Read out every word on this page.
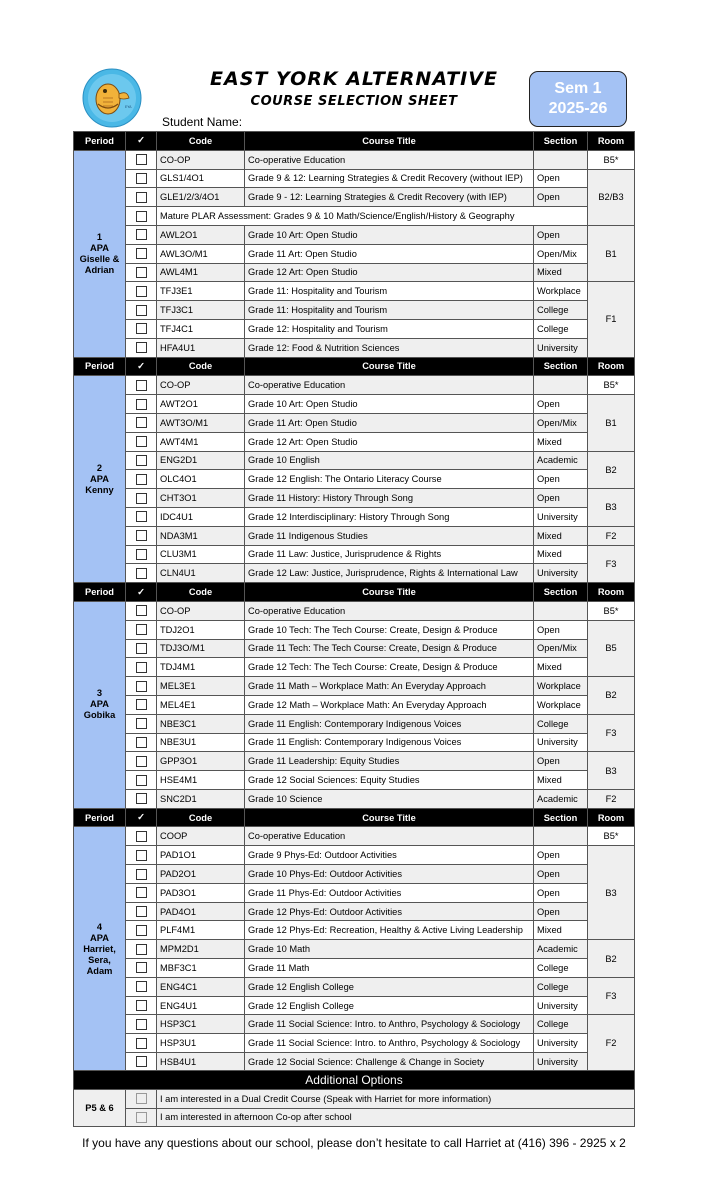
EYA
EAST YORK ALTERNATIVE
COURSE SELECTION SHEET
Student Name:
Sem 1
2025-26
Period	✓	Code	Course Title	Section	Room

1
APA
Giselle &
Adrian		CO-OP	Co-operative Education		B5*
		GLS1/4O1	Grade 9 & 12: Learning Strategies & Credit Recovery (without IEP)	Open	B2/B3
		GLE1/2/3/4O1	Grade 9 - 12: Learning Strategies & Credit Recovery (with IEP)	Open	
		Mature PLAR Assessment: Grades 9 & 10 Math/Science/English/History & Geography			
		AWL2O1	Grade 10 Art: Open Studio	Open	B1
		AWL3O/M1	Grade 11 Art: Open Studio	Open/Mix	
		AWL4M1	Grade 12 Art: Open Studio	Mixed	
		TFJ3E1	Grade 11: Hospitality and Tourism	Workplace	F1
		TFJ3C1	Grade 11: Hospitality and Tourism	College	
		TFJ4C1	Grade 12: Hospitality and Tourism	College	
		HFA4U1	Grade 12: Food & Nutrition Sciences	University	
Period	✓	Code	Course Title	Section	Room

2
APA
Kenny		CO-OP	Co-operative Education		B5*
		AWT2O1	Grade 10 Art: Open Studio	Open	B1
		AWT3O/M1	Grade 11 Art: Open Studio	Open/Mix	
		AWT4M1	Grade 12 Art: Open Studio	Mixed	
		ENG2D1	Grade 10 English	Academic	B2
		OLC4O1	Grade 12 English: The Ontario Literacy Course	Open	
		CHT3O1	Grade 11 History: History Through Song	Open	B3
		IDC4U1	Grade 12 Interdisciplinary: History Through Song	University	
		NDA3M1	Grade 11 Indigenous Studies	Mixed	F2
		CLU3M1	Grade 11 Law: Justice, Jurisprudence & Rights	Mixed	F3
		CLN4U1	Grade 12 Law: Justice, Jurisprudence, Rights & International Law	University	
Period	✓	Code	Course Title	Section	Room

3
APA
Gobika		CO-OP	Co-operative Education		B5*
		TDJ2O1	Grade 10 Tech: The Tech Course: Create, Design & Produce	Open	B5
		TDJ3O/M1	Grade 11 Tech: The Tech Course: Create, Design & Produce	Open/Mix	
		TDJ4M1	Grade 12 Tech: The Tech Course: Create, Design & Produce	Mixed	
		MEL3E1	Grade 11 Math – Workplace Math: An Everyday Approach	Workplace	B2
		MEL4E1	Grade 12 Math – Workplace Math: An Everyday Approach	Workplace	
		NBE3C1	Grade 11 English: Contemporary Indigenous Voices	College	F3
		NBE3U1	Grade 11 English: Contemporary Indigenous Voices	University	
		GPP3O1	Grade 11 Leadership: Equity Studies	Open	B3
		HSE4M1	Grade 12 Social Sciences: Equity Studies	Mixed	
		SNC2D1	Grade 10 Science	Academic	F2
Period	✓	Code	Course Title	Section	Room

4
APA
Harriet,
Sera,
Adam		COOP	Co-operative Education		B5*
		PAD1O1	Grade 9 Phys-Ed: Outdoor Activities	Open	B3
		PAD2O1	Grade 10 Phys-Ed: Outdoor Activities	Open	
		PAD3O1	Grade 11 Phys-Ed: Outdoor Activities	Open	
		PAD4O1	Grade 12 Phys-Ed: Outdoor Activities	Open	
		PLF4M1	Grade 12 Phys-Ed: Recreation, Healthy & Active Living Leadership	Mixed	
		MPM2D1	Grade 10 Math	Academic	B2
		MBF3C1	Grade 11 Math	College	
		ENG4C1	Grade 12 English College	College	F3
		ENG4U1	Grade 12 English College	University	
		HSP3C1	Grade 11 Social Science: Intro. to Anthro, Psychology & Sociology	College	F2
		HSP3U1	Grade 11 Social Science: Intro. to Anthro, Psychology & Sociology	University	
		HSB4U1	Grade 12 Social Science: Challenge & Change in Society	University	
Additional Options		
P5 & 6		I am interested in a Dual Credit Course (Speak with Harriet for more information)
		I am interested in afternoon Co-op after school
If you have any questions about our school, please don’t hesitate to call Harriet at (416) 396 - 2925 x 2
